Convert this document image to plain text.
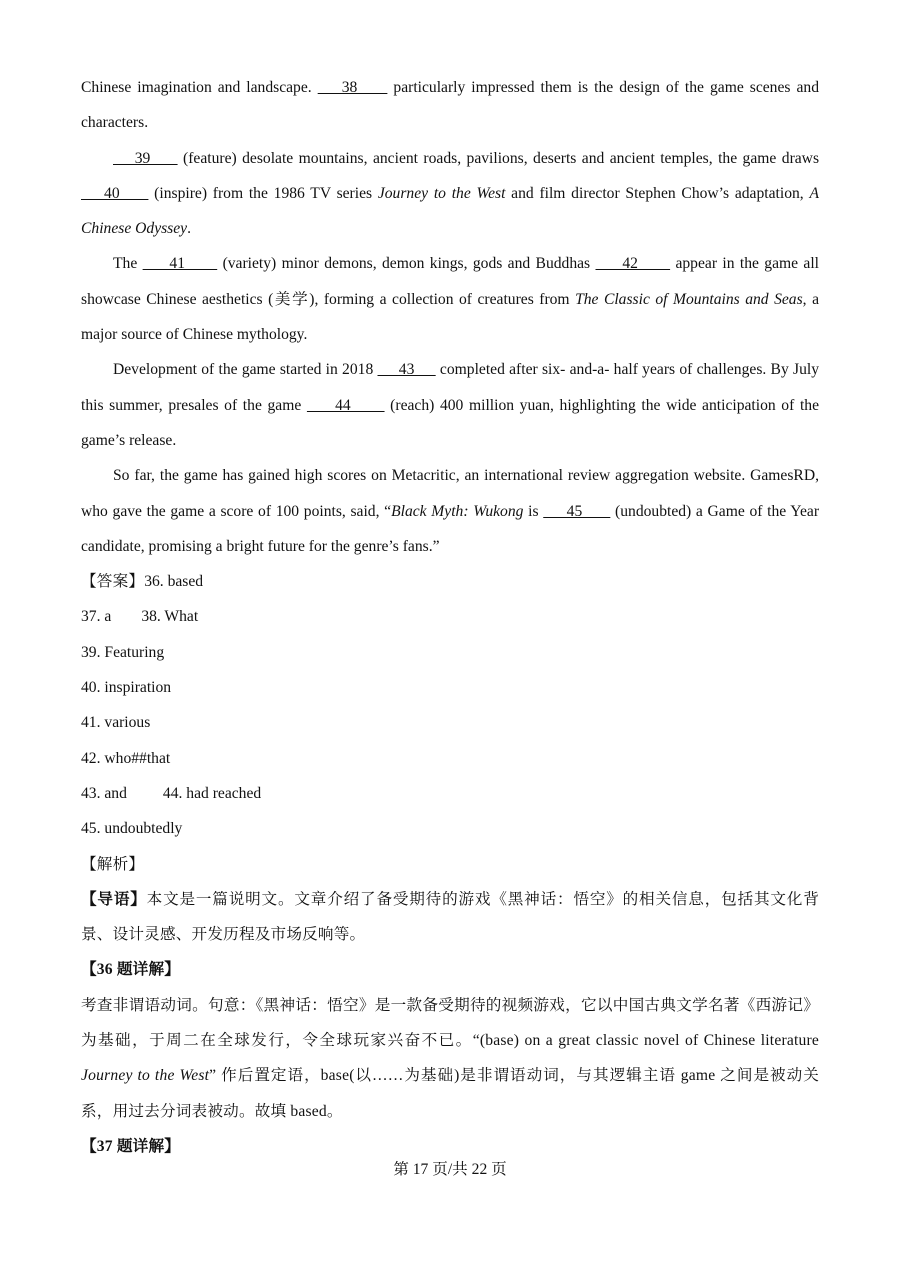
Chinese imagination and landscape.     38      particularly impressed them is the design of the game scenes and characters.

39      (feature) desolate mountains, ancient roads, pavilions, deserts and ancient temples, the game draws     40      (inspire) from the 1986 TV series Journey to the West and film director Stephen Chow’s adaptation, A Chinese Odyssey.

The      41       (variety) minor demons, demon kings, gods and Buddhas      42       appear in the game all showcase Chinese aesthetics (美学), forming a collection of creatures from The Classic of Mountains and Seas, a major source of Chinese mythology.

Development of the game started in 2018      43      completed after six- and-a- half years of challenges. By July this summer, presales of the game      44       (reach) 400 million yuan, highlighting the wide anticipation of the game’s release.

So far, the game has gained high scores on Metacritic, an international review aggregation website. GamesRD, who gave the game a score of 100 points, said, “Black Myth: Wukong is      45       (undoubted) a Game of the Year candidate, promising a bright future for the genre’s fans.”

【答案】36. based
37. a 38. What
39. Featuring
40. inspiration
41. various
42. who##that
43. and 44. had reached
45. undoubtedly
【解析】

【导语】本文是一篇说明文。文章介绍了备受期待的游戏《黑神话：悟空》的相关信息，包括其文化背景、设计灵感、开发历程及市场反响等。

【36 题详解】

考查非谓语动词。句意：《黑神话：悟空》是一款备受期待的视频游戏，它以中国古典文学名著《西游记》为基础，于周二在全球发行，令全球玩家兴奋不已。“(base) on a great classic novel of Chinese literature Journey to the West” 作后置定语，base(以……为基础)是非谓语动词，与其逻辑主语 game 之间是被动关系，用过去分词表被动。故填 based。

【37 题详解】
第 17 页/共 22 页
